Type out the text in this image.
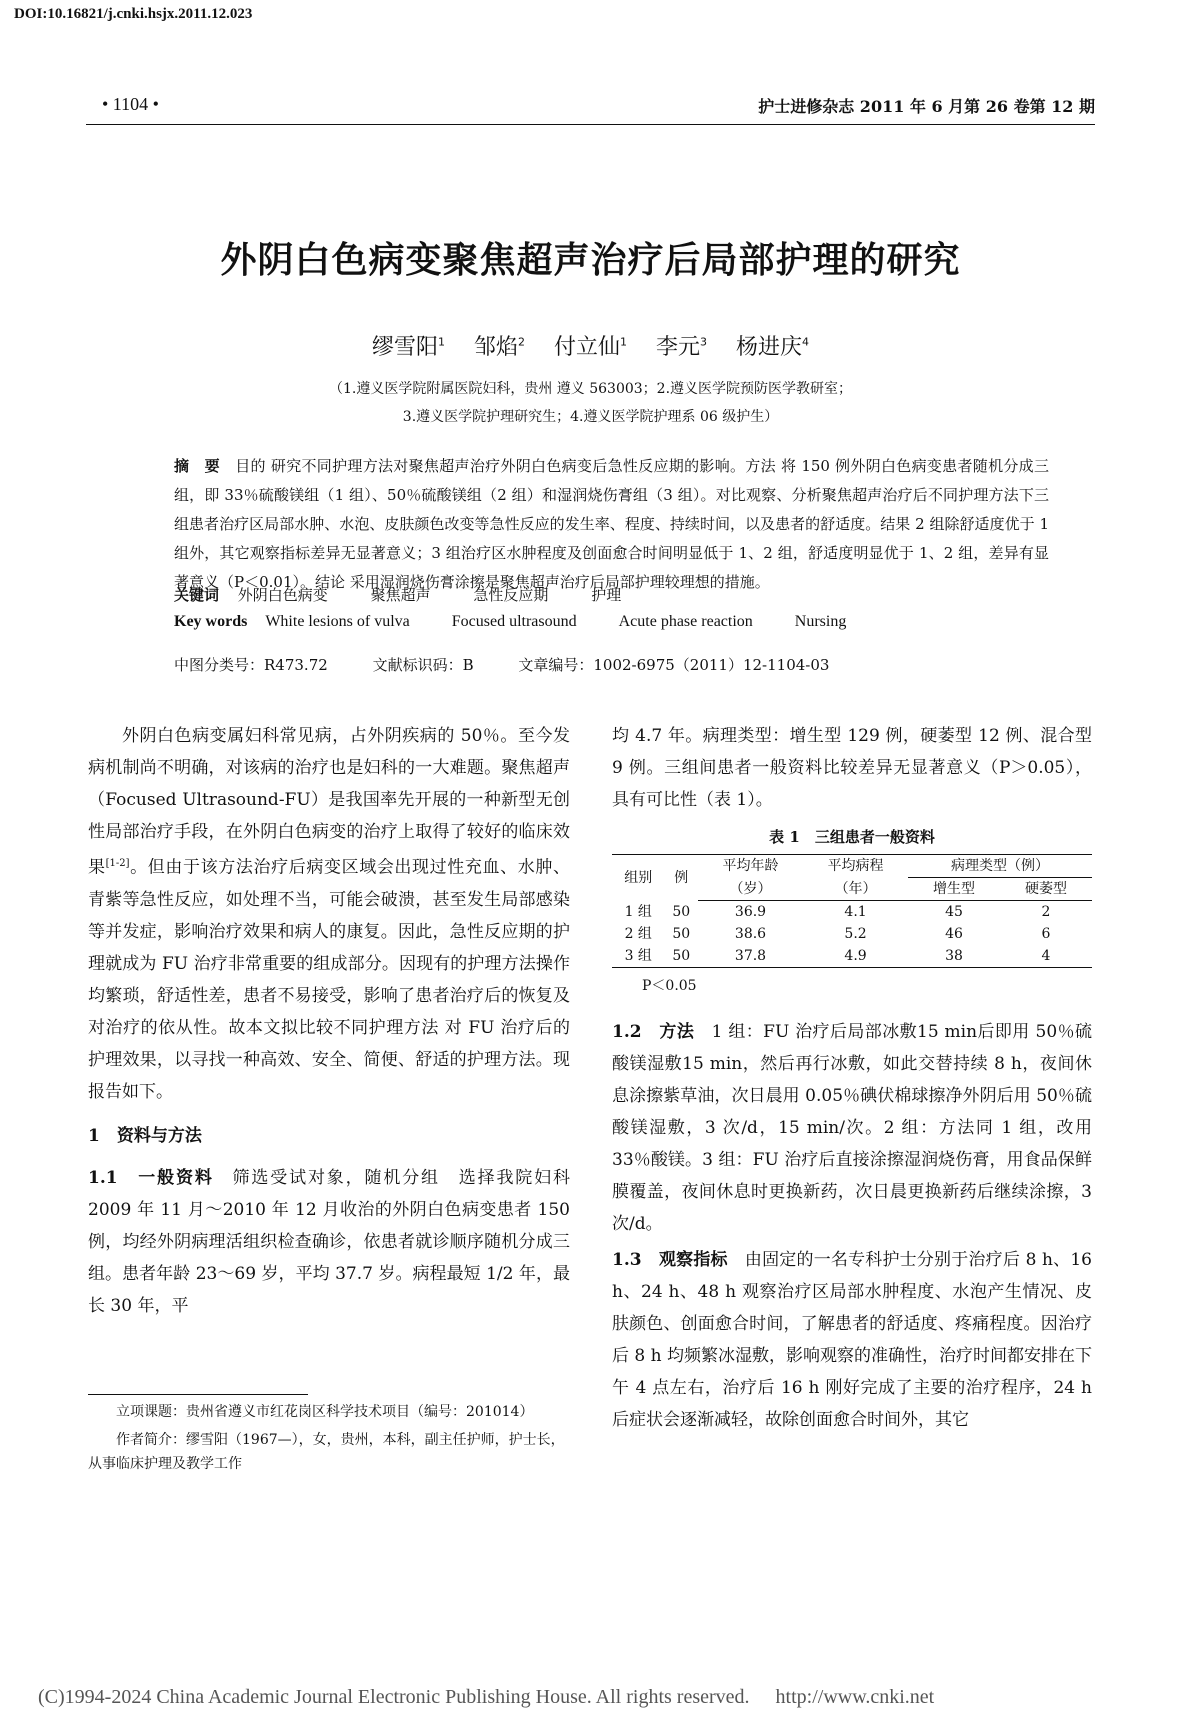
DOI:10.16821/j.cnki.hsjx.2011.12.023
• 1104 •	护士进修杂志 2011 年 6 月第 26 卷第 12 期
外阴白色病变聚焦超声治疗后局部护理的研究
缪雪阳$^1$ 邹焰$^2$ 付立仙$^1$ 李元$^3$ 杨进庆$^4$
（1.遵义医学院附属医院妇科，贵州 遵义 563003；2.遵义医学院预防医学教研室；
3.遵义医学院护理研究生；4.遵义医学院护理系 06 级护生）
摘　要　目的 研究不同护理方法对聚焦超声治疗外阴白色病变后急性反应期的影响。方法 将 150 例外阴白色病变患者随机分成三组，即 33％硫酸镁组（1 组）、50％硫酸镁组（2 组）和湿润烧伤膏组（3 组）。对比观察、分析聚焦超声治疗后不同护理方法下三组患者治疗区局部水肿、水泡、皮肤颜色改变等急性反应的发生率、程度、持续时间，以及患者的舒适度。结果 2 组除舒适度优于 1 组外，其它观察指标差异无显著意义；3 组治疗区水肿程度及创面愈合时间明显低于 1、2 组，舒适度明显优于 1、2 组，差异有显著意义（P＜0.01）。结论 采用湿润烧伤膏涂擦是聚焦超声治疗后局部护理较理想的措施。
关键词 外阴白色病变	聚焦超声	急性反应期	护理
Key words White lesions of vulva	Focused ultrasound	Acute phase reaction	Nursing
中图分类号：R473.72	文献标识码：B	文章编号：1002-6975（2011）12-1104-03

外阴白色病变属妇科常见病，占外阴疾病的 50％。至今发病机制尚不明确，对该病的治疗也是妇科的一大难题。聚焦超声（Focused Ultrasound-FU）是我国率先开展的一种新型无创性局部治疗手段，在外阴白色病变的治疗上取得了较好的临床效果[1-2]。但由于该方法治疗后病变区域会出现过性充血、水肿、青紫等急性反应，如处理不当，可能会破溃，甚至发生局部感染等并发症，影响治疗效果和病人的康复。因此，急性反应期的护理就成为 FU 治疗非常重要的组成部分。因现有的护理方法操作均繁琐，舒适性差，患者不易接受，影响了患者治疗后的恢复及对治疗的依从性。故本文拟比较不同护理方法 对 FU 治疗后的护理效果，以寻找一种高效、安全、简便、舒适的护理方法。现报告如下。

1　资料与方法

1.1　一般资料　筛选受试对象，随机分组　选择我院妇科 2009 年 11 月～2010 年 12 月收治的外阴白色病变患者 150 例，均经外阴病理活组织检查确诊，依患者就诊顺序随机分成三组。患者年龄 23～69 岁，平均 37.7 岁。病程最短 1/2 年，最长 30 年，平

均 4.7 年。病理类型：增生型 129 例，硬萎型 12 例、混合型 9 例。三组间患者一般资料比较差异无显著意义（P＞0.05），具有可比性（表 1）。

表 1　三组患者一般资料
组别	例	平均年龄	平均病程	病理类型（例）	
		（岁）	（年）	增生型	硬萎型
1 组	50	36.9	4.1	45	2
2 组	50	38.6	5.2	46	6
3 组	50	37.8	4.9	38	4
P＜0.05

1.2　方法　1 组：FU 治疗后局部冰敷15 min后即用 50％硫酸镁湿敷15 min，然后再行冰敷，如此交替持续 8 h，夜间休息涂擦紫草油，次日晨用 0.05％碘伏棉球擦净外阴后用 50％硫酸镁湿敷，3 次/d，15 min/次。2 组：方法同 1 组，改用 33％酸镁。3 组：FU 治疗后直接涂擦湿润烧伤膏，用食品保鲜膜覆盖，夜间休息时更换新药，次日晨更换新药后继续涂擦，3 次/d。

1.3　观察指标　由固定的一名专科护士分别于治疗后 8 h、16 h、24 h、48 h 观察治疗区局部水肿程度、水泡产生情况、皮肤颜色、创面愈合时间，了解患者的舒适度、疼痛程度。因治疗后 8 h 均频繁冰湿敷，影响观察的准确性，治疗时间都安排在下午 4 点左右，治疗后 16 h 刚好完成了主要的治疗程序，24 h后症状会逐渐减轻，故除创面愈合时间外，其它

立项课题：贵州省遵义市红花岗区科学技术项目（编号：201014）

作者简介：缪雪阳（1967—），女，贵州，本科，副主任护师，护士长，从事临床护理及教学工作

(C)1994-2024 China Academic Journal Electronic Publishing House. All rights reserved. http://www.cnki.net
